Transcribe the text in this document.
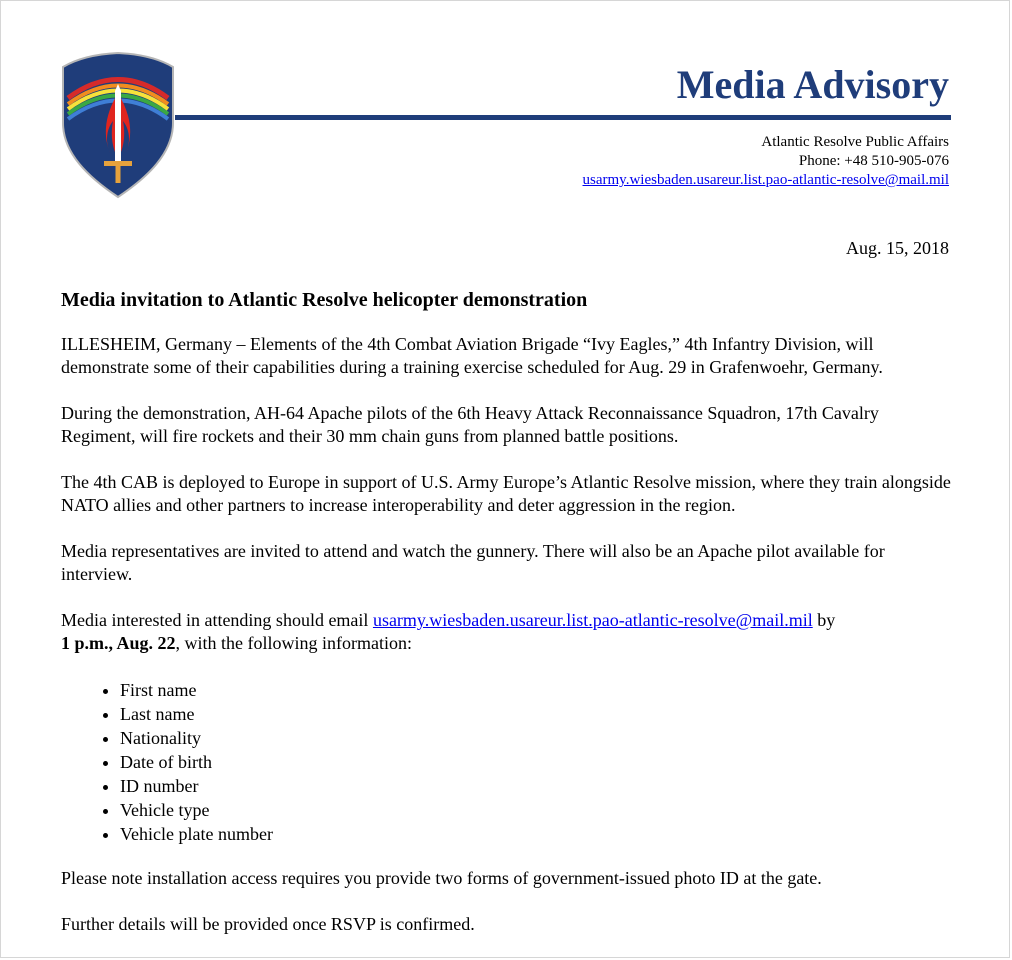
Media Advisory
Atlantic Resolve Public Affairs
Phone: +48 510-905-076
usarmy.wiesbaden.usareur.list.pao-atlantic-resolve@mail.mil
Aug. 15, 2018
Media invitation to Atlantic Resolve helicopter demonstration

ILLESHEIM, Germany – Elements of the 4th Combat Aviation Brigade “Ivy Eagles,” 4th Infantry Division, will demonstrate some of their capabilities during a training exercise scheduled for Aug. 29 in Grafenwoehr, Germany.

During the demonstration, AH-64 Apache pilots of the 6th Heavy Attack Reconnaissance Squadron, 17th Cavalry Regiment, will fire rockets and their 30 mm chain guns from planned battle positions.

The 4th CAB is deployed to Europe in support of U.S. Army Europe’s Atlantic Resolve mission, where they train alongside NATO allies and other partners to increase interoperability and deter aggression in the region.

Media representatives are invited to attend and watch the gunnery. There will also be an Apache pilot available for interview.

Media interested in attending should email usarmy.wiesbaden.usareur.list.pao-atlantic-resolve@mail.mil by
1 p.m., Aug. 22, with the following information:

• First name
• Last name
• Nationality
• Date of birth
• ID number
• Vehicle type
• Vehicle plate number

Please note installation access requires you provide two forms of government-issued photo ID at the gate.

Further details will be provided once RSVP is confirmed.
